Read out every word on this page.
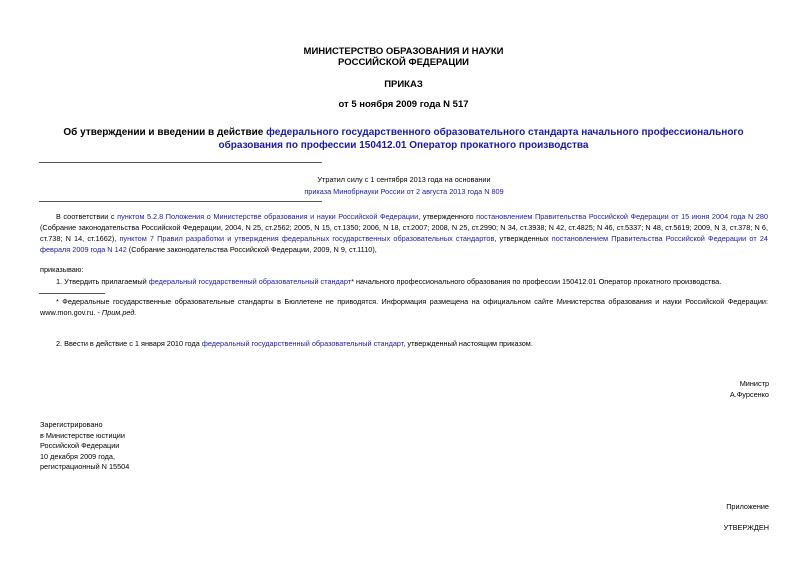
МИНИСТЕРСТВО ОБРАЗОВАНИЯ И НАУКИ
РОССИЙСКОЙ ФЕДЕРАЦИИ
ПРИКАЗ
от 5 ноября 2009 года N 517
Об утверждении и введении в действие федерального государственного образовательного стандарта начального профессионального образования по профессии 150412.01 Оператор прокатного производства
Утратил силу с 1 сентября 2013 года на основании
приказа Минобрнауки России от 2 августа 2013 года N 809
В соответствии с пунктом 5.2.8 Положения о Министерстве образования и науки Российской Федерации, утвержденного постановлением Правительства Российской Федерации от 15 июня 2004 года N 280 (Собрание законодательства Российской Федерации, 2004, N 25, ст.2562; 2005, N 15, ст.1350; 2006, N 18, ст.2007; 2008, N 25, ст.2990; N 34, ст.3938; N 42, ст.4825; N 46, ст.5337; N 48, ст.5619; 2009, N 3, ст.378; N 6, ст.738; N 14, ст.1662), пунктом 7 Правил разработки и утверждения федеральных государственных образовательных стандартов, утвержденных постановлением Правительства Российской Федерации от 24 февраля 2009 года N 142 (Собрание законодательства Российской Федерации, 2009, N 9, ст.1110),
приказываю:
1. Утвердить прилагаемый федеральный государственный образовательный стандарт* начального профессионального образования по профессии 150412.01 Оператор прокатного производства.
* Федеральные государственные образовательные стандарты в Бюллетене не приводятся. Информация размещена на официальном сайте Министерства образования и науки Российской Федерации: www.mon.gov.ru. - Прим.ред.
2. Ввести в действие с 1 января 2010 года федеральный государственный образовательный стандарт, утвержденный настоящим приказом.
Министр
А.Фурсенко
Зарегистрировано
в Министерстве юстиции
Российской Федерации
10 декабря 2009 года,
регистрационный N 15504
Приложение
УТВЕРЖДЕН
